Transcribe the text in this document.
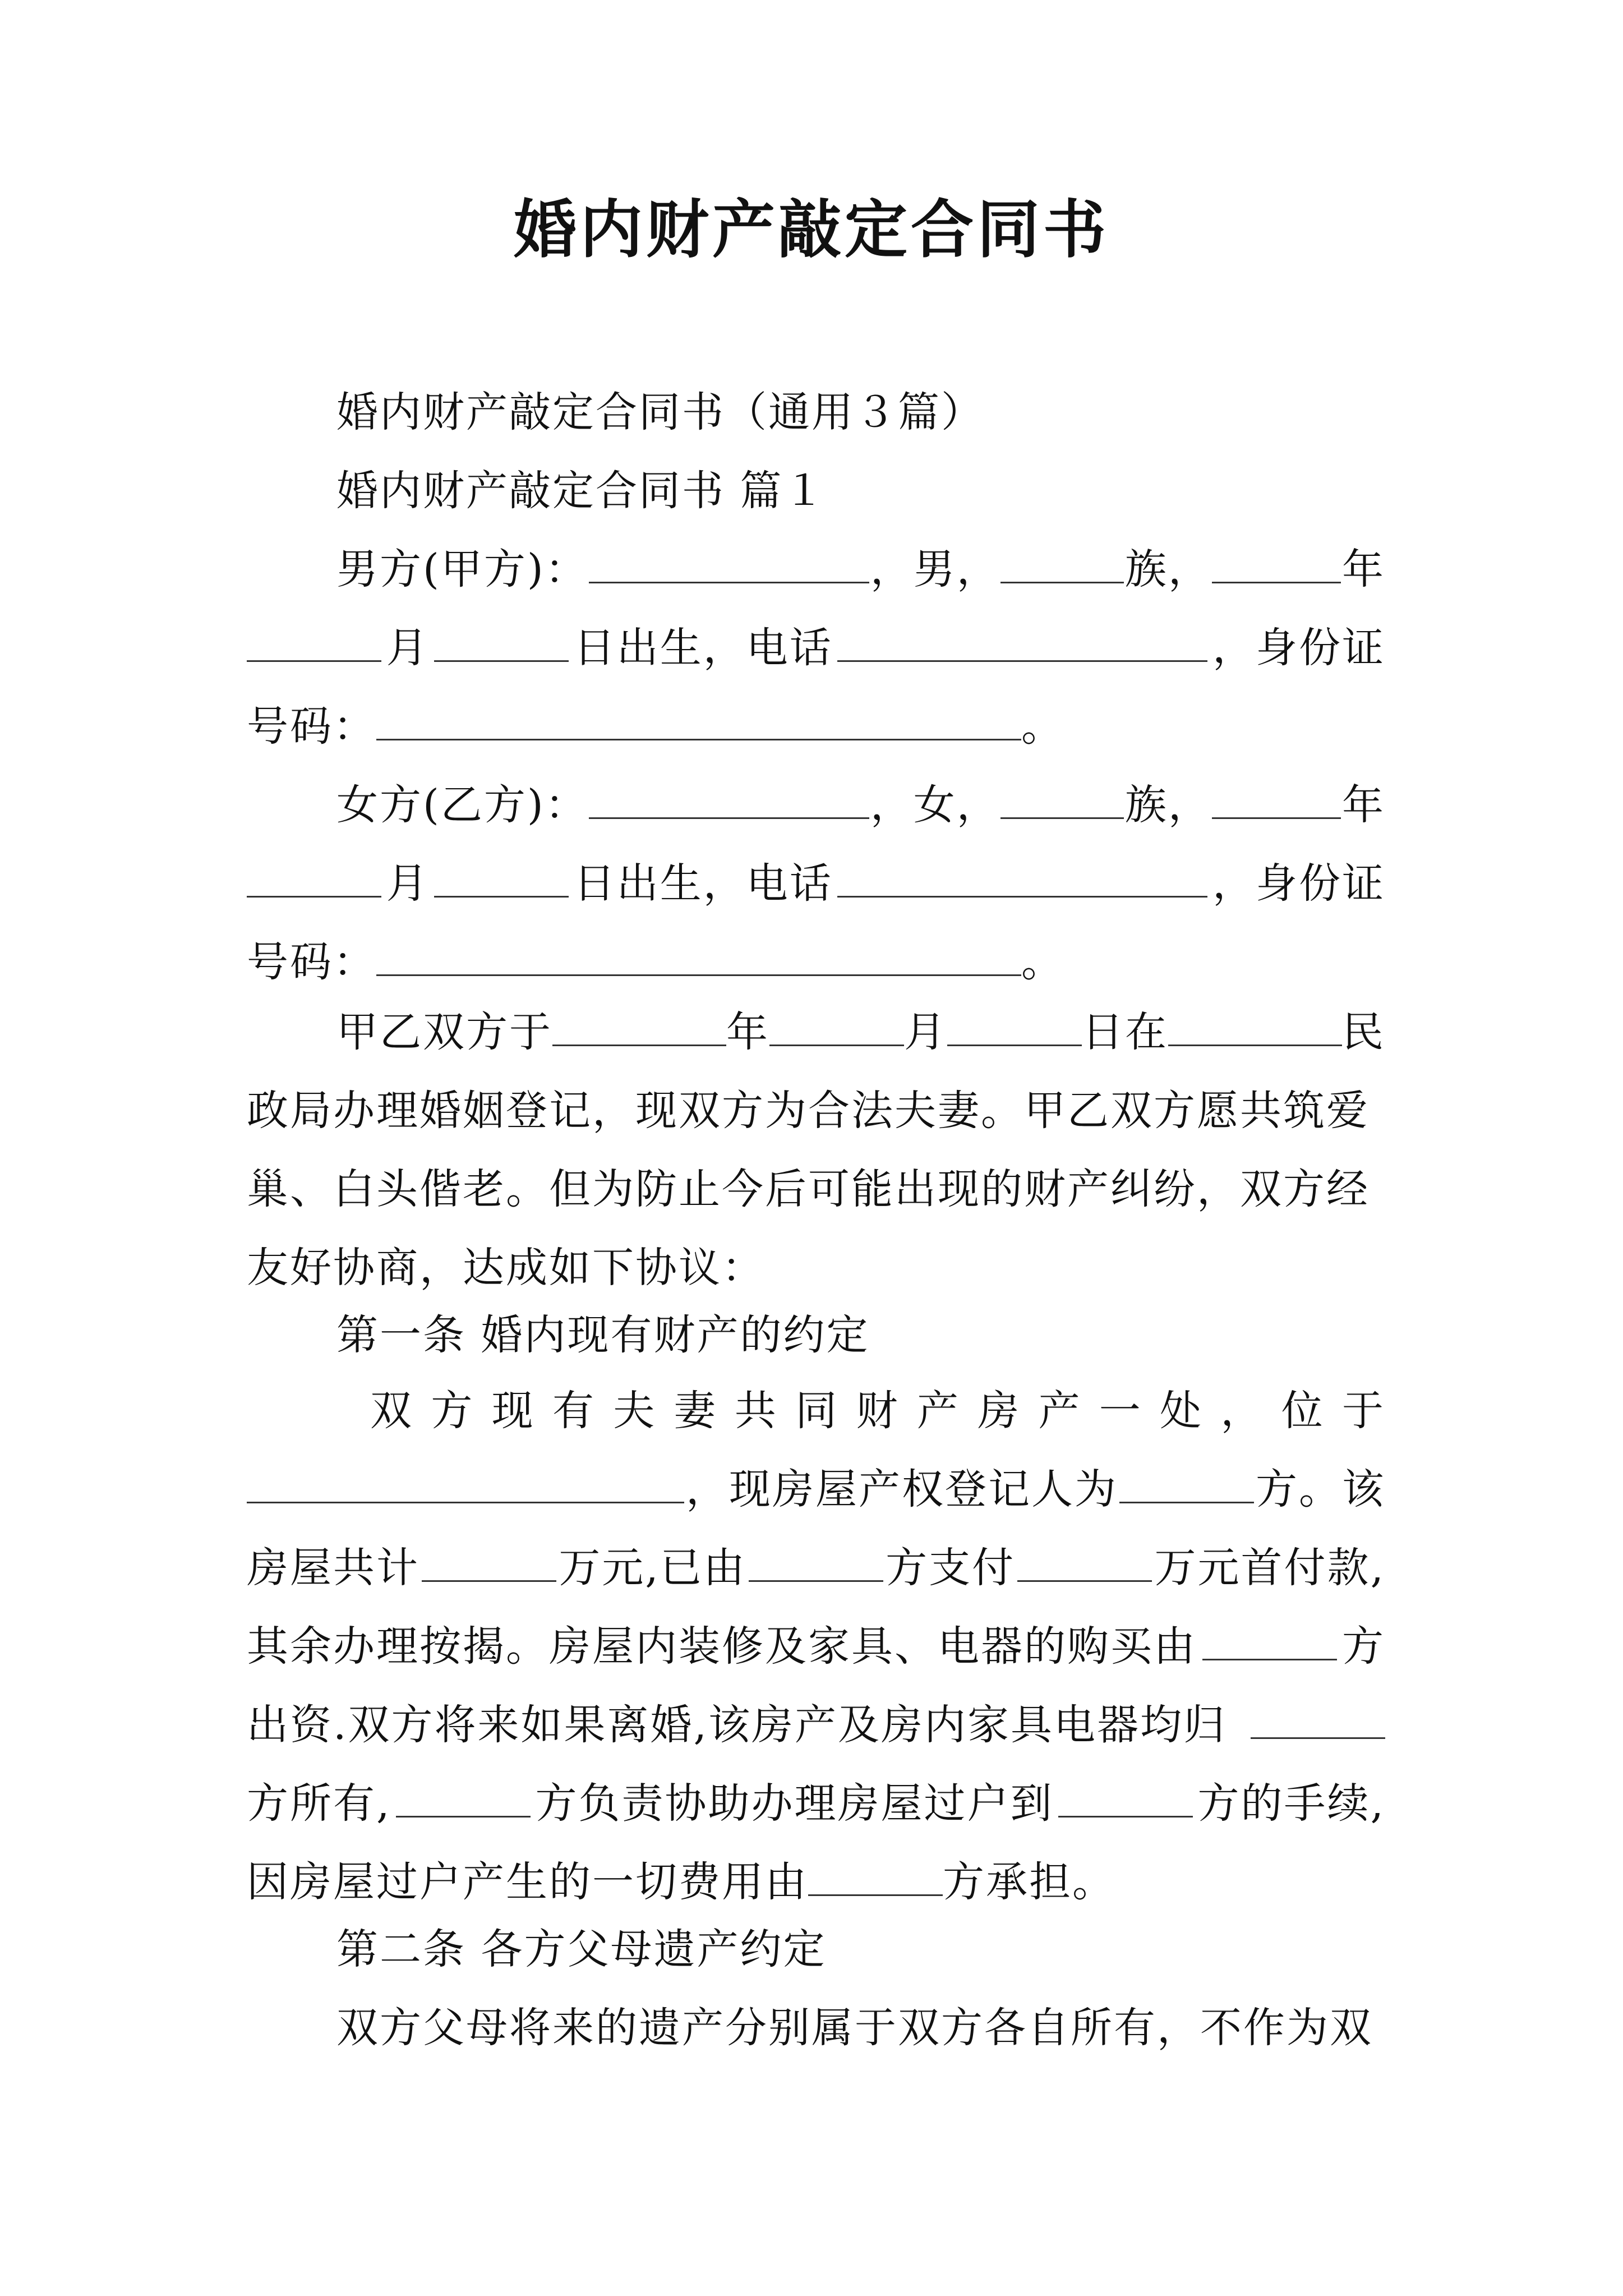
婚内财产敲定合同书
婚内财产敲定合同书（通用３篇）
婚内财产敲定合同书 篇１
男方(甲方)：	，男，	族，	年
月	日出生，电话	，身份证
号码：	。
女方(乙方)：	，女，	族，	年
月	日出生，电话	，身份证
号码：	。
甲乙双方于	年	月	日在	民
政局办理婚姻登记，现双方为合法夫妻。甲乙双方愿共筑爱
巢、白头偕老。但为防止今后可能出现的财产纠纷，双方经
友好协商，达成如下协议：
第一条 婚内现有财产的约定
双 方 现 有 夫 妻 共 同 财 产 房 产 一 处 ， 位 于
，现房屋产权登记人为	方。该
房屋共计	万元,已由	方支付	万元首付款,
其余办理按揭。房屋内装修及家具、电器的购买由	方
出资.双方将来如果离婚,该房产及房内家具电器均归
方所有,	方负责协助办理房屋过户到	方的手续,
因房屋过户产生的一切费用由	方承担。
第二条 各方父母遗产约定
双方父母将来的遗产分别属于双方各自所有，不作为双
